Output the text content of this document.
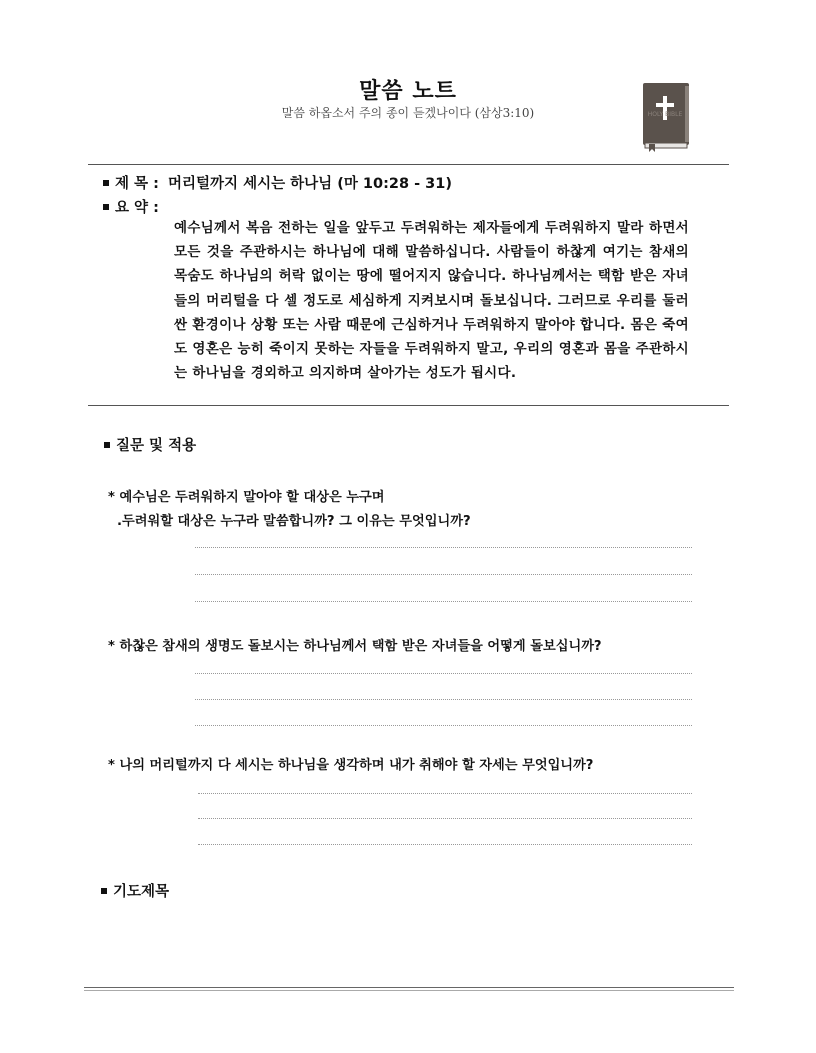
말씀 노트
말씀 하옵소서 주의 종이 듣겠나이다 (삼상3:10)	HOLY BIBLE
제 목 : 머리털까지 세시는 하나님 (마 10:28 - 31)
요 약 :
예수님께서 복음 전하는 일을 앞두고 두려워하는 제자들에게 두려워하지 말라 하면서 모든 것을 주관하시는 하나님에 대해 말씀하십니다. 사람들이 하찮게 여기는 참새의 목숨도 하나님의 허락 없이는 땅에 떨어지지 않습니다. 하나님께서는 택함 받은 자녀들의 머리털을 다 셀 정도로 세심하게 지켜보시며 돌보십니다. 그러므로 우리를 둘러싼 환경이나 상황 또는 사람 때문에 근심하거나 두려워하지 말아야 합니다. 몸은 죽여도 영혼은 능히 죽이지 못하는 자들을 두려워하지 말고, 우리의 영혼과 몸을 주관하시는 하나님을 경외하고 의지하며 살아가는 성도가 됩시다.
질문 및 적용
* 예수님은 두려워하지 말아야 할 대상은 누구며
.두려워할 대상은 누구라 말씀합니까? 그 이유는 무엇입니까?
* 하찮은 참새의 생명도 돌보시는 하나님께서 택함 받은 자녀들을 어떻게 돌보십니까?
* 나의 머리털까지 다 세시는 하나님을 생각하며 내가 취해야 할 자세는 무엇입니까?
기도제목
